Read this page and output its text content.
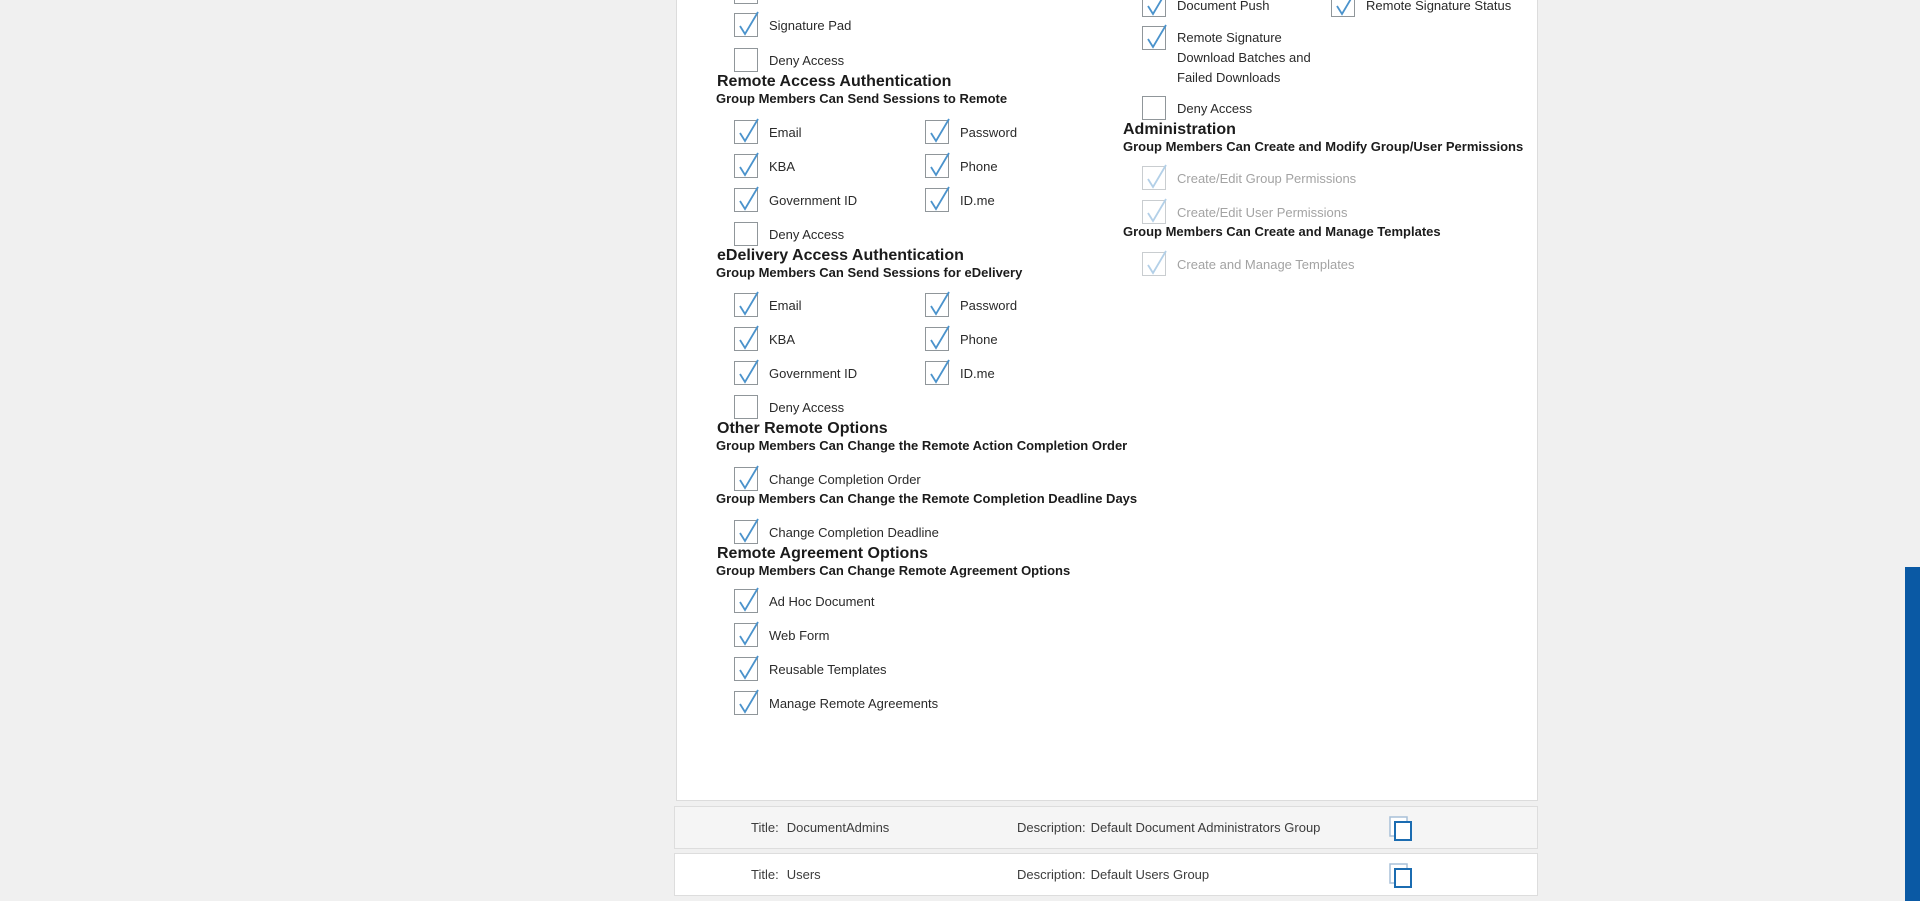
Signature Pad
Deny Access
Remote Access Authentication
Group Members Can Send Sessions to Remote
Email	Password
KBA	Phone
Government ID	ID.me
Deny Access
eDelivery Access Authentication
Group Members Can Send Sessions for eDelivery
Email	Password
KBA	Phone
Government ID	ID.me
Deny Access
Other Remote Options
Group Members Can Change the Remote Action Completion Order
Change Completion Order
Group Members Can Change the Remote Completion Deadline Days
Change Completion Deadline
Remote Agreement Options
Group Members Can Change Remote Agreement Options
Ad Hoc Document
Web Form
Reusable Templates
Manage Remote Agreements
Document Push	Remote Signature Status
Remote Signature Download Batches and Failed Downloads
Deny Access
Administration
Group Members Can Create and Modify Group/User Permissions
Create/Edit Group Permissions
Create/Edit User Permissions
Group Members Can Create and Manage Templates
Create and Manage Templates
Title: DocumentAdmins	Description: Default Document Administrators Group
Title: Users	Description: Default Users Group
